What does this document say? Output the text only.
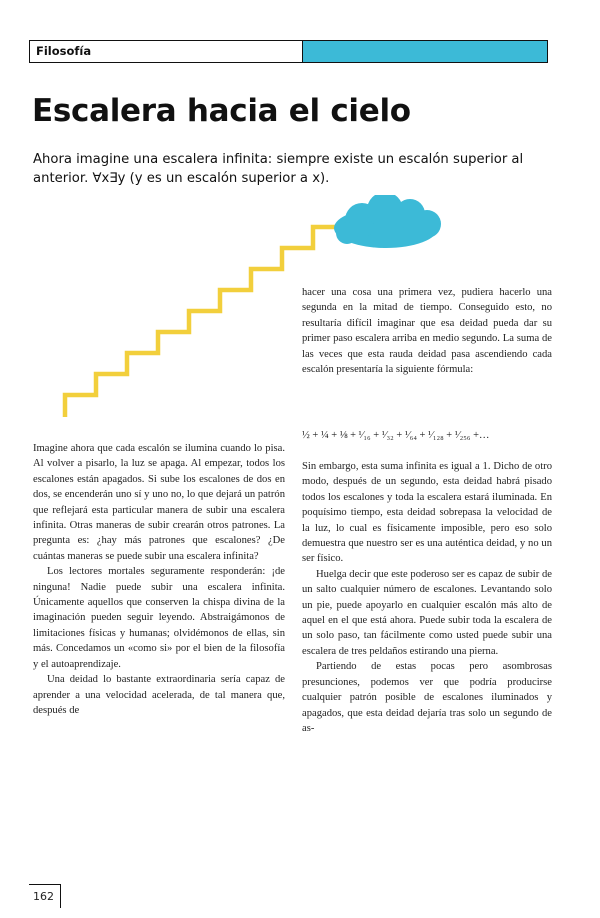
Filosofía
Escalera hacia el cielo

Ahora imagine una escalera infinita: siempre existe un escalón superior al anterior. ∀x∃y (y es un escalón superior a x).

Imagine ahora que cada escalón se ilumina cuando lo pisa. Al volver a pisarlo, la luz se apaga. Al empezar, todos los escalones están apagados. Si sube los escalones de dos en dos, se encenderán uno sí y uno no, lo que dejará un patrón que reflejará esta particular manera de subir una escalera infinita. Otras maneras de subir crearán otros patrones. La pregunta es: ¿hay más patrones que escalones? ¿De cuántas maneras se puede subir una escalera infinita?

Los lectores mortales seguramente responderán: ¡de ninguna! Nadie puede subir una escalera infinita. Únicamente aquellos que conserven la chispa divina de la imaginación pueden seguir leyendo. Abstraigámonos de limitaciones físicas y humanas; olvidémonos de ellas, sin más. Concedamos un «como si» por el bien de la filosofía y el autoaprendizaje.

Una deidad lo bastante extraordinaria sería capaz de aprender a una velocidad acelerada, de tal manera que, después de

hacer una cosa una primera vez, pudiera hacerlo una segunda en la mitad de tiempo. Conseguido esto, no resultaría difícil imaginar que esa deidad pueda dar su primer paso escalera arriba en medio segundo. La suma de las veces que esta rauda deidad pasa ascendiendo cada escalón presentaría la siguiente fórmula:

½ + ¼ + ⅛ + ¹⁄₁₆ + ¹⁄₃₂ + ¹⁄₆₄ + ¹⁄₁₂₈ + ¹⁄₂₅₆ +…

Sin embargo, esta suma infinita es igual a 1. Dicho de otro modo, después de un segundo, esta deidad habrá pisado todos los escalones y toda la escalera estará iluminada. En poquísimo tiempo, esta deidad sobrepasa la velocidad de la luz, lo cual es físicamente imposible, pero eso solo demuestra que nuestro ser es una auténtica deidad, y no un ser físico.

Huelga decir que este poderoso ser es capaz de subir de un salto cualquier número de escalones. Levantando solo un pie, puede apoyarlo en cualquier escalón más alto de aquel en el que está ahora. Puede subir toda la escalera de un solo paso, tan fácilmente como usted puede subir una escalera de tres peldaños estirando una pierna.

Partiendo de estas pocas pero asombrosas presunciones, podemos ver que podría producirse cualquier patrón posible de escalones iluminados y apagados, que esta deidad dejaría tras solo un segundo de as-

162
